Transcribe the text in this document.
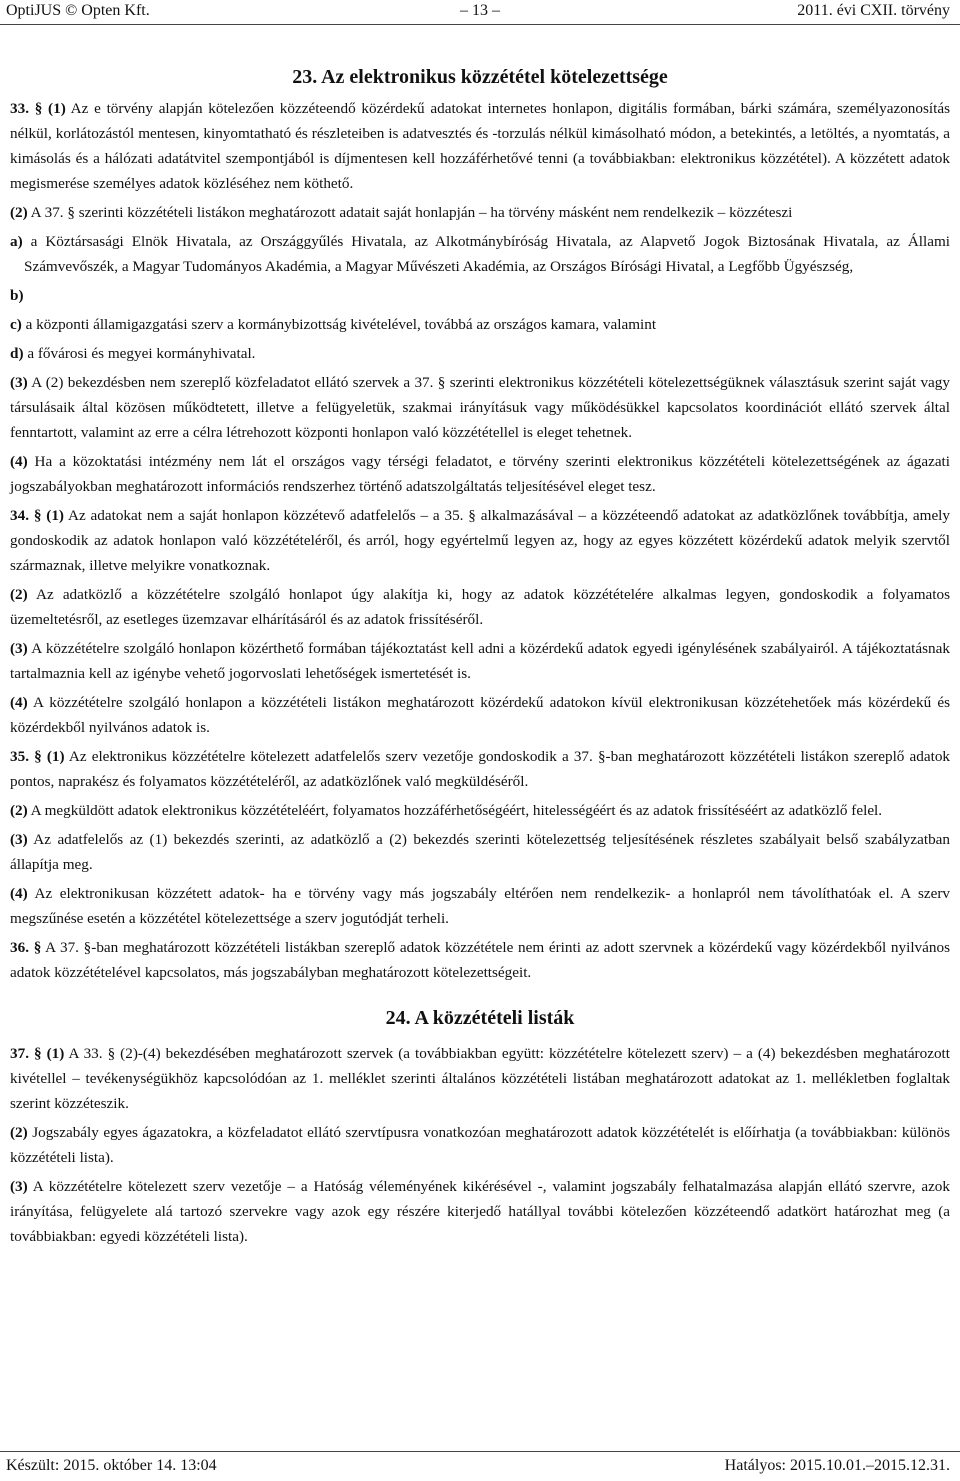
OptiJUS © Opten Kft.	– 13 –	2011. évi CXII. törvény
23. Az elektronikus közzététel kötelezettsége

33. § (1) Az e törvény alapján kötelezően közzéteendő közérdekű adatokat internetes honlapon, digitális formában, bárki számára, személyazonosítás nélkül, korlátozástól mentesen, kinyomtatható és részleteiben is adatvesztés és -torzulás nélkül kimásolható módon, a betekintés, a letöltés, a nyomtatás, a kimásolás és a hálózati adatátvitel szempontjából is díjmentesen kell hozzáférhetővé tenni (a továbbiakban: elektronikus közzététel). A közzétett adatok megismerése személyes adatok közléséhez nem köthető.

(2) A 37. § szerinti közzétételi listákon meghatározott adatait saját honlapján – ha törvény másként nem rendelkezik – közzéteszi

a) a Köztársasági Elnök Hivatala, az Országgyűlés Hivatala, az Alkotmánybíróság Hivatala, az Alapvető Jogok Biztosának Hivatala, az Állami Számvevőszék, a Magyar Tudományos Akadémia, a Magyar Művészeti Akadémia, az Országos Bírósági Hivatal, a Legfőbb Ügyészség,

b)

c) a központi államigazgatási szerv a kormánybizottság kivételével, továbbá az országos kamara, valamint

d) a fővárosi és megyei kormányhivatal.

(3) A (2) bekezdésben nem szereplő közfeladatot ellátó szervek a 37. § szerinti elektronikus közzétételi kötelezettségüknek választásuk szerint saját vagy társulásaik által közösen működtetett, illetve a felügyeletük, szakmai irányításuk vagy működésükkel kapcsolatos koordinációt ellátó szervek által fenntartott, valamint az erre a célra létrehozott központi honlapon való közzététellel is eleget tehetnek.

(4) Ha a közoktatási intézmény nem lát el országos vagy térségi feladatot, e törvény szerinti elektronikus közzétételi kötelezettségének az ágazati jogszabályokban meghatározott információs rendszerhez történő adatszolgáltatás teljesítésével eleget tesz.

34. § (1) Az adatokat nem a saját honlapon közzétevő adatfelelős – a 35. § alkalmazásával – a közzéteendő adatokat az adatközlőnek továbbítja, amely gondoskodik az adatok honlapon való közzétételéről, és arról, hogy egyértelmű legyen az, hogy az egyes közzétett közérdekű adatok melyik szervtől származnak, illetve melyikre vonatkoznak.

(2) Az adatközlő a közzétételre szolgáló honlapot úgy alakítja ki, hogy az adatok közzétételére alkalmas legyen, gondoskodik a folyamatos üzemeltetésről, az esetleges üzemzavar elhárításáról és az adatok frissítéséről.

(3) A közzétételre szolgáló honlapon közérthető formában tájékoztatást kell adni a közérdekű adatok egyedi igénylésének szabályairól. A tájékoztatásnak tartalmaznia kell az igénybe vehető jogorvoslati lehetőségek ismertetését is.

(4) A közzétételre szolgáló honlapon a közzétételi listákon meghatározott közérdekű adatokon kívül elektronikusan közzétehetőek más közérdekű és közérdekből nyilvános adatok is.

35. § (1) Az elektronikus közzétételre kötelezett adatfelelős szerv vezetője gondoskodik a 37. §-ban meghatározott közzétételi listákon szereplő adatok pontos, naprakész és folyamatos közzétételéről, az adatközlőnek való megküldéséről.

(2) A megküldött adatok elektronikus közzétételéért, folyamatos hozzáférhetőségéért, hitelességéért és az adatok frissítéséért az adatközlő felel.

(3) Az adatfelelős az (1) bekezdés szerinti, az adatközlő a (2) bekezdés szerinti kötelezettség teljesítésének részletes szabályait belső szabályzatban állapítja meg.

(4) Az elektronikusan közzétett adatok- ha e törvény vagy más jogszabály eltérően nem rendelkezik- a honlapról nem távolíthatóak el. A szerv megszűnése esetén a közzététel kötelezettsége a szerv jogutódját terheli.

36. § A 37. §-ban meghatározott közzétételi listákban szereplő adatok közzététele nem érinti az adott szervnek a közérdekű vagy közérdekből nyilvános adatok közzétételével kapcsolatos, más jogszabályban meghatározott kötelezettségeit.

24. A közzétételi listák

37. § (1) A 33. § (2)-(4) bekezdésében meghatározott szervek (a továbbiakban együtt: közzétételre kötelezett szerv) – a (4) bekezdésben meghatározott kivétellel – tevékenységükhöz kapcsolódóan az 1. melléklet szerinti általános közzétételi listában meghatározott adatokat az 1. mellékletben foglaltak szerint közzéteszik.

(2) Jogszabály egyes ágazatokra, a közfeladatot ellátó szervtípusra vonatkozóan meghatározott adatok közzétételét is előírhatja (a továbbiakban: különös közzétételi lista).

(3) A közzétételre kötelezett szerv vezetője – a Hatóság véleményének kikérésével -, valamint jogszabály felhatalmazása alapján ellátó szervre, azok irányítása, felügyelete alá tartozó szervekre vagy azok egy részére kiterjedő hatállyal további kötelezően közzéteendő adatkört határozhat meg (a továbbiakban: egyedi közzétételi lista).

Készült: 2015. október 14. 13:04	Hatályos: 2015.10.01.–2015.12.31.
